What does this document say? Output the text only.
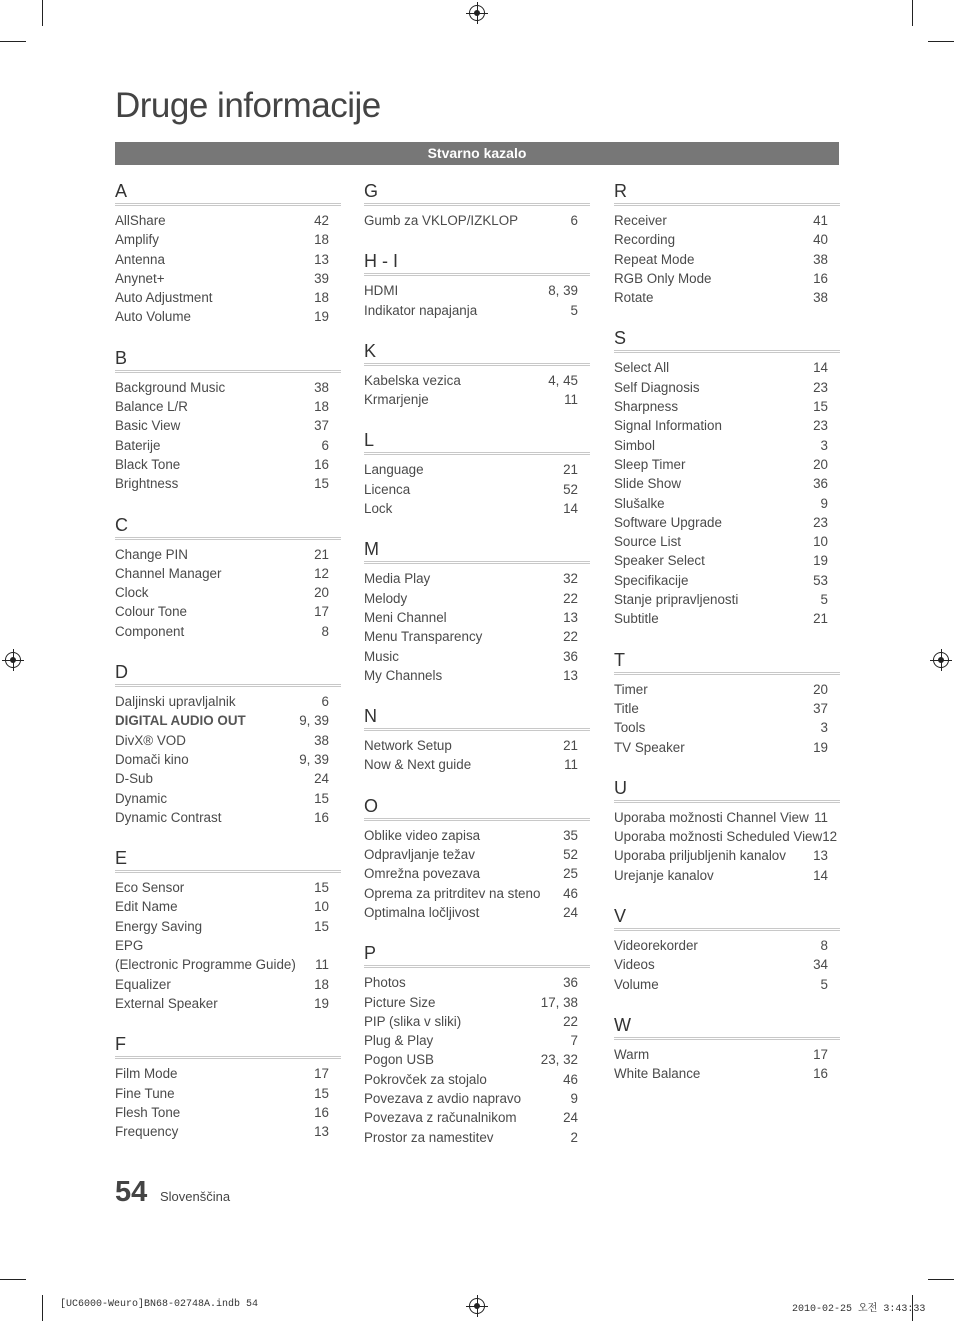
Druge informacije
Stvarno kazalo
A
AllShare	42
Amplify	18
Antenna	13
Anynet+	39
Auto Adjustment	18
Auto Volume	19
B
Background Music	38
Balance L/R	18
Basic View	37
Baterije	6
Black Tone	16
Brightness	15
C
Change PIN	21
Channel Manager	12
Clock	20
Colour Tone	17
Component	8
D
Daljinski upravljalnik	6
DIGITAL AUDIO OUT	9, 39
DivX® VOD	38
Domači kino	9, 39
D-Sub	24
Dynamic	15
Dynamic Contrast	16
E
Eco Sensor	15
Edit Name	10
Energy Saving	15
EPG
(Electronic Programme Guide) 11
Equalizer	18
External Speaker	19
F
Film Mode	17
Fine Tune	15
Flesh Tone	16
Frequency	13
G
Gumb za VKLOP/IZKLOP	6
H - I
HDMI	8, 39
Indikator napajanja	5
K
Kabelska vezica	4, 45
Krmarjenje	11
L
Language	21
Licenca	52
Lock	14
M
Media Play	32
Melody	22
Meni Channel	13
Menu Transparency	22
Music	36
My Channels	13
N
Network Setup	21
Now & Next guide	11
O
Oblike video zapisa	35
Odpravljanje težav	52
Omrežna povezava	25
Oprema za pritrditev na steno 46
Optimalna ločljivost	24
P
Photos	36
Picture Size	17, 38
PIP (slika v sliki)	22
Plug & Play	7
Pogon USB	23, 32
Pokrovček za stojalo	46
Povezava z avdio napravo	9
Povezava z računalnikom	24
Prostor za namestitev	2
R
Receiver	41
Recording	40
Repeat Mode	38
RGB Only Mode	16
Rotate	38
S
Select All	14
Self Diagnosis	23
Sharpness	15
Signal Information	23
Simbol	3
Sleep Timer	20
Slide Show	36
Slušalke	9
Software Upgrade	23
Source List	10
Speaker Select	19
Specifikacije	53
Stanje pripravljenosti	5
Subtitle	21
T
Timer	20
Title	37
Tools	3
TV Speaker	19
U
Uporaba možnosti Channel View 11
Uporaba možnosti Scheduled View 12
Uporaba priljubljenih kanalov 13
Urejanje kanalov	14
V
Videorekorder	8
Videos	34
Volume	5
W
Warm	17
White Balance	16
54 Slovenščina
[UC6000-Weuro]BN68-02748A.indb 54	2010-02-25 오전 3:43:33
